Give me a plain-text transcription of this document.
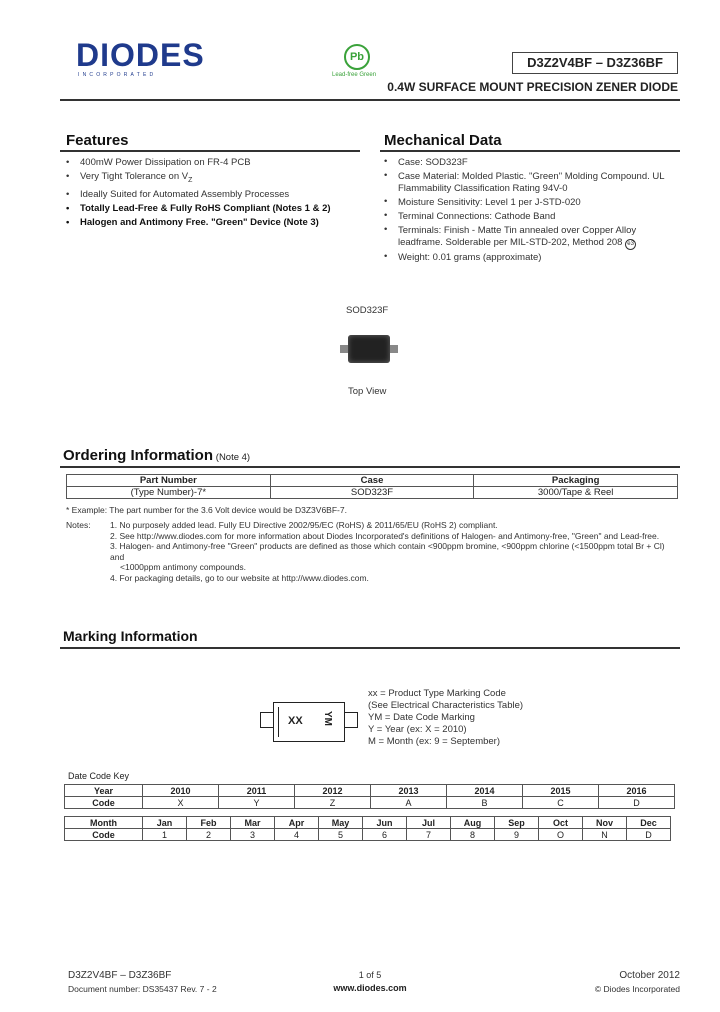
DIODES
INCORPORATED
Pb
Lead-free Green
D3Z2V4BF – D3Z36BF
0.4W SURFACE MOUNT PRECISION ZENER DIODE
Features
• 400mW Power Dissipation on FR-4 PCB
• Very Tight Tolerance on $V_Z$
• Ideally Suited for Automated Assembly Processes
• Totally Lead-Free & Fully RoHS Compliant (Notes 1 & 2)
• Halogen and Antimony Free. "Green" Device (Note 3)
Mechanical Data
• Case: SOD323F
• Case Material: Molded Plastic. "Green" Molding Compound. UL Flammability Classification Rating 94V-0
• Moisture Sensitivity: Level 1 per J-STD-020
• Terminal Connections: Cathode Band
• Terminals: Finish - Matte Tin annealed over Copper Alloy leadframe. Solderable per MIL-STD-202, Method 208 e3
• Weight: 0.01 grams (approximate)
SOD323F
Top View
Ordering Information (Note 4)
Part Number	Case	Packaging
(Type Number)-7*	SOD323F	3000/Tape & Reel
* Example: The part number for the 3.6 Volt device would be D3Z3V6BF-7.
Notes: 1. No purposely added lead. Fully EU Directive 2002/95/EC (RoHS) & 2011/65/EU (RoHS 2) compliant.
2. See http://www.diodes.com for more information about Diodes Incorporated's definitions of Halogen- and Antimony-free, "Green" and Lead-free.
3. Halogen- and Antimony-free "Green" products are defined as those which contain <900ppm bromine, <900ppm chlorine (<1500ppm total Br + Cl) and
<1000ppm antimony compounds.
4. For packaging details, go to our website at http://www.diodes.com.
Marking Information
XX YM
xx = Product Type Marking Code
(See Electrical Characteristics Table)
YM = Date Code Marking
Y = Year (ex: X = 2010)
M = Month (ex: 9 = September)
Date Code Key
Year	2010	2011	2012	2013	2014	2015	2016
Code	X	Y	Z	A	B	C	D
Month	Jan	Feb	Mar	Apr	May	Jun	Jul	Aug	Sep	Oct	Nov	Dec
Code	1	2	3	4	5	6	7	8	9	O	N	D
D3Z2V4BF – D3Z36BF
Document number: DS35437 Rev. 7 - 2
1 of 5
www.diodes.com
October 2012
© Diodes Incorporated
